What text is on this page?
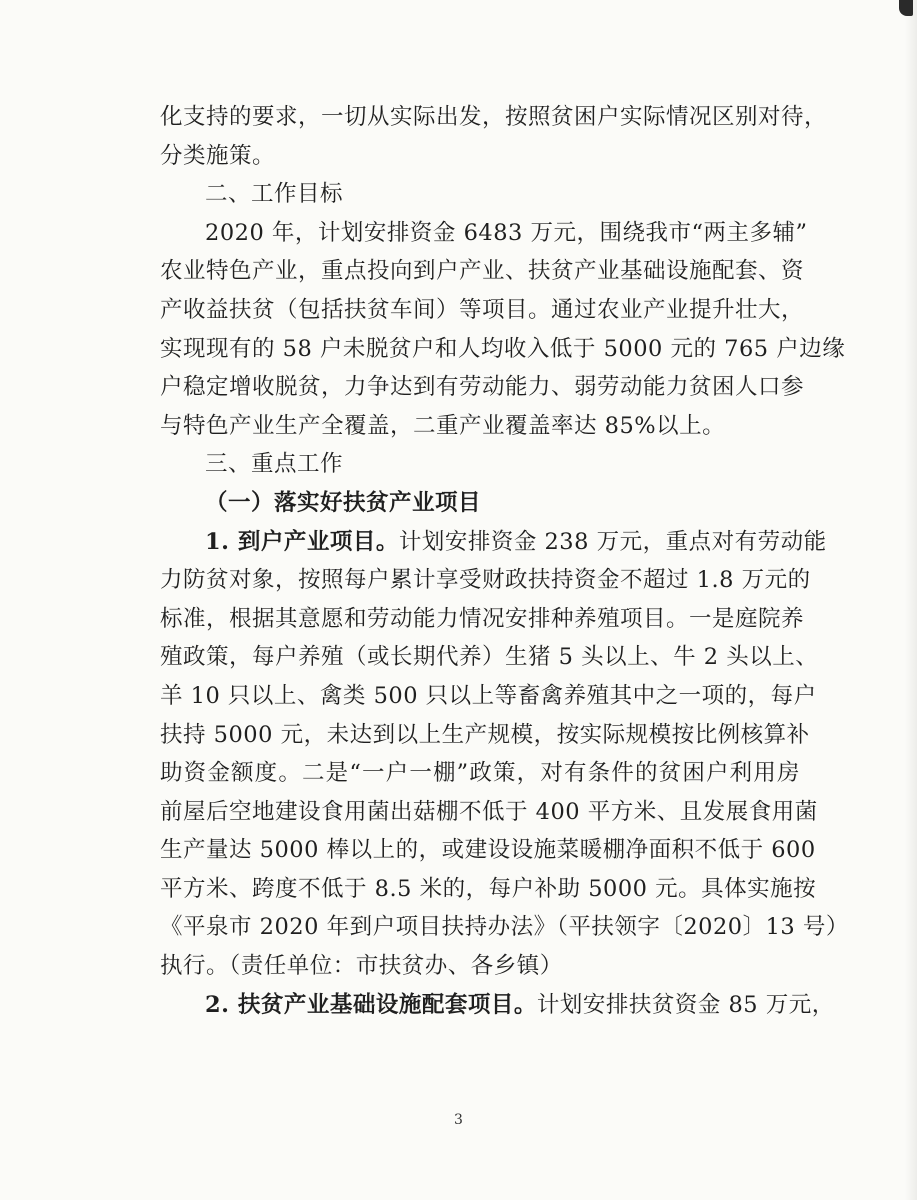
化支持的要求，一切从实际出发，按照贫困户实际情况区别对待，
分类施策。
二、工作目标
2020 年，计划安排资金 6483 万元，围绕我市“两主多辅”
农业特色产业，重点投向到户产业、扶贫产业基础设施配套、资
产收益扶贫（包括扶贫车间）等项目。通过农业产业提升壮大，
实现现有的 58 户未脱贫户和人均收入低于 5000 元的 765 户边缘
户稳定增收脱贫，力争达到有劳动能力、弱劳动能力贫困人口参
与特色产业生产全覆盖，二重产业覆盖率达 85%以上。
三、重点工作
（一）落实好扶贫产业项目
1. 到户产业项目。计划安排资金 238 万元，重点对有劳动能
力防贫对象，按照每户累计享受财政扶持资金不超过 1.8 万元的
标准，根据其意愿和劳动能力情况安排种养殖项目。一是庭院养
殖政策，每户养殖（或长期代养）生猪 5 头以上、牛 2 头以上、
羊 10 只以上、禽类 500 只以上等畜禽养殖其中之一项的，每户
扶持 5000 元，未达到以上生产规模，按实际规模按比例核算补
助资金额度。二是“一户一棚”政策，对有条件的贫困户利用房
前屋后空地建设食用菌出菇棚不低于 400 平方米、且发展食用菌
生产量达 5000 棒以上的，或建设设施菜暖棚净面积不低于 600
平方米、跨度不低于 8.5 米的，每户补助 5000 元。具体实施按
《平泉市 2020 年到户项目扶持办法》（平扶领字〔2020〕13 号）
执行。（责任单位：市扶贫办、各乡镇）
2. 扶贫产业基础设施配套项目。计划安排扶贫资金 85 万元，
3
